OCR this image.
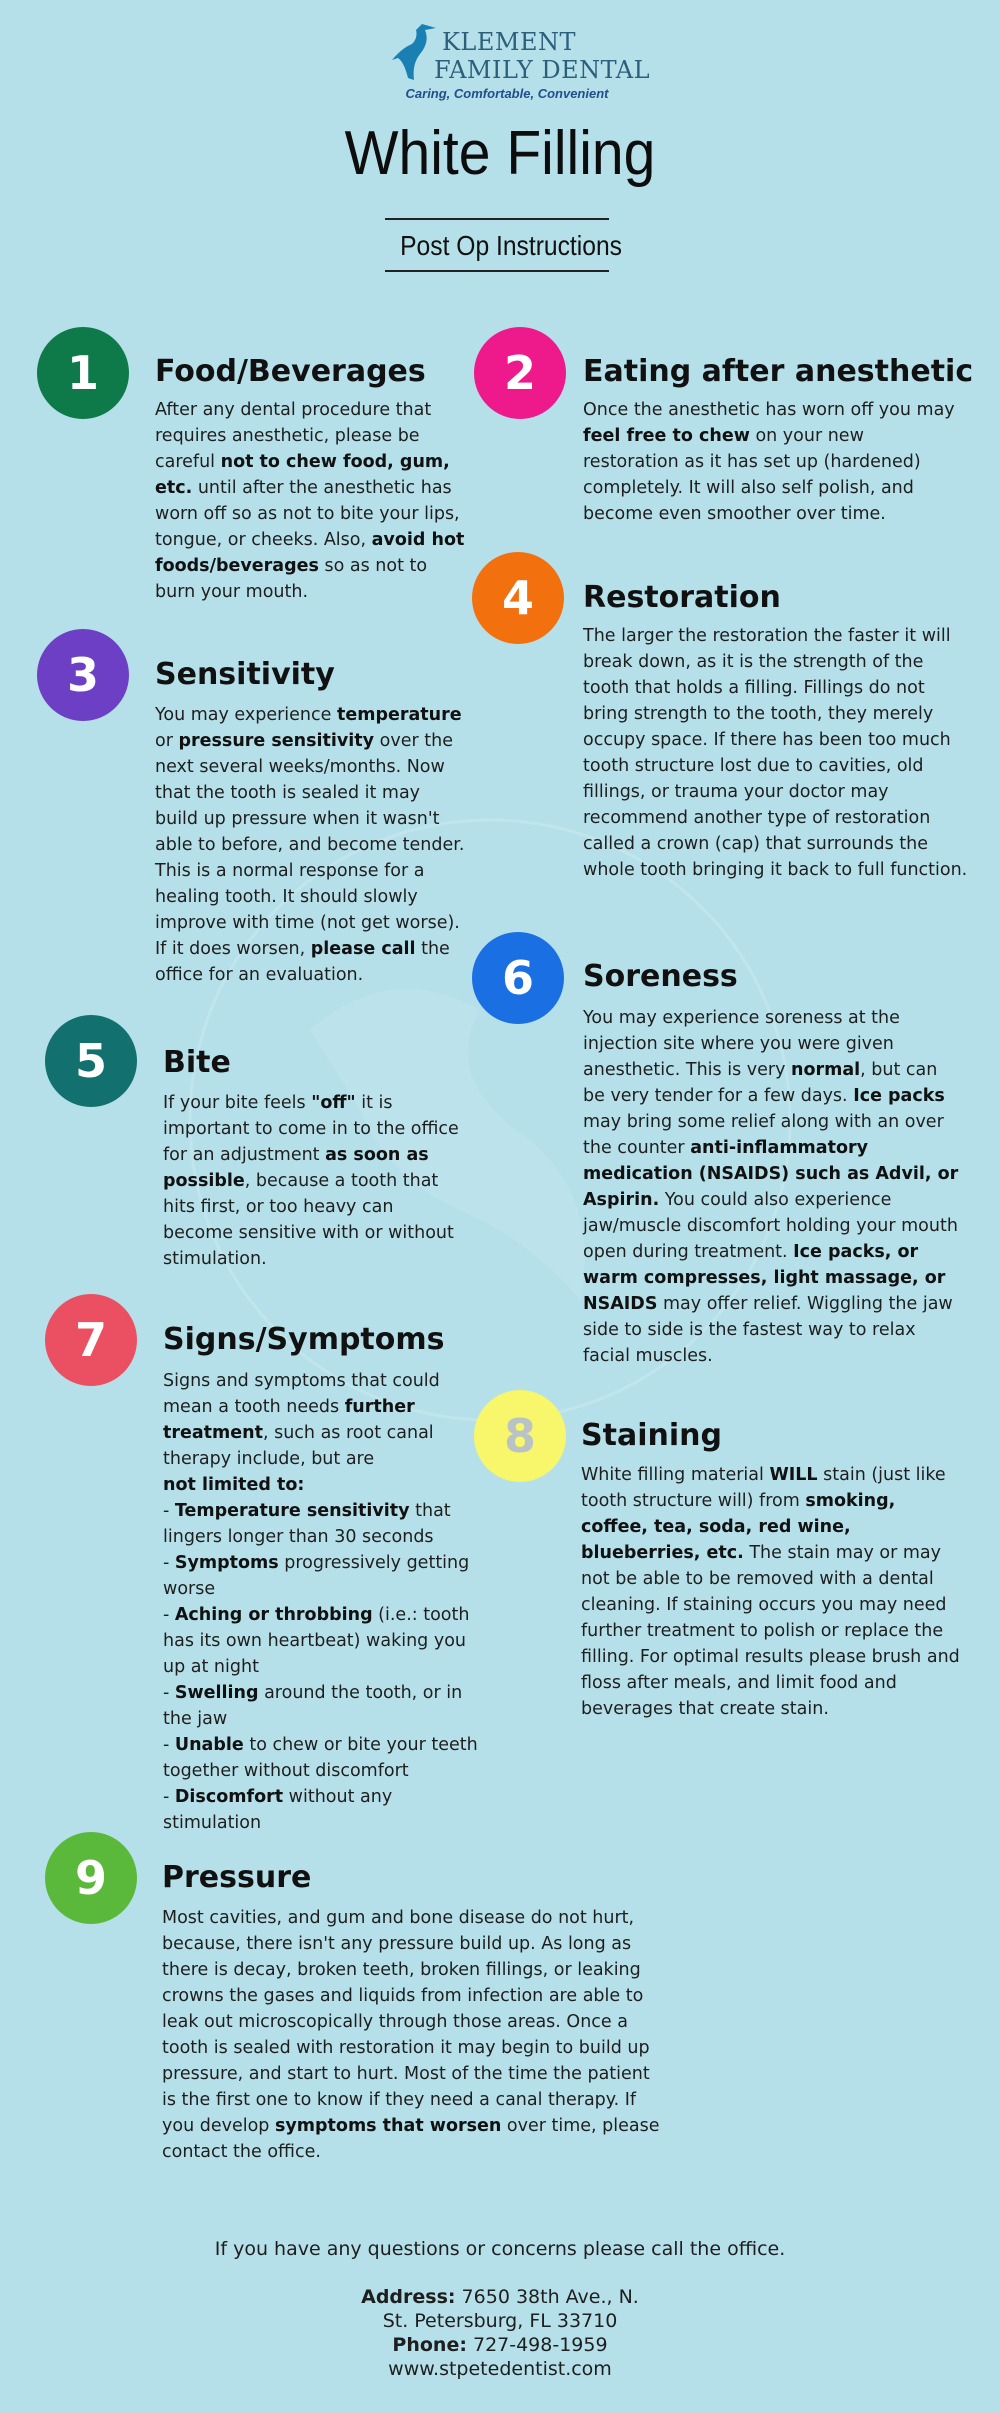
KLEMENT
FAMILY DENTAL
Caring, Comfortable, Convenient
White Filling
Post Op Instructions
1	Food/Beverages
After any dental procedure that requires anesthetic, please be careful not to chew food, gum, etc. until after the anesthetic has worn off so as not to bite your lips, tongue, or cheeks. Also, avoid hot foods/beverages so as not to burn your mouth.
2	Eating after anesthetic
Once the anesthetic has worn off you may feel free to chew on your new restoration as it has set up (hardened) completely. It will also self polish, and become even smoother over time.
4	Restoration
The larger the restoration the faster it will break down, as it is the strength of the tooth that holds a filling. Fillings do not bring strength to the tooth, they merely occupy space. If there has been too much tooth structure lost due to cavities, old fillings, or trauma your doctor may recommend another type of restoration called a crown (cap) that surrounds the whole tooth bringing it back to full function.
3	Sensitivity
You may experience temperature or pressure sensitivity over the next several weeks/months. Now that the tooth is sealed it may build up pressure when it wasn't able to before, and become tender. This is a normal response for a healing tooth. It should slowly improve with time (not get worse). If it does worsen, please call the office for an evaluation.	6	Soreness
You may experience soreness at the injection site where you were given anesthetic. This is very normal, but can be very tender for a few days. Ice packs may bring some relief along with an over the counter anti-inflammatory medication (NSAIDS) such as Advil, or Aspirin. You could also experience jaw/muscle discomfort holding your mouth open during treatment. Ice packs, or warm compresses, light massage, or NSAIDS may offer relief. Wiggling the jaw side to side is the fastest way to relax facial muscles.
5	Bite
If your bite feels "off" it is important to come in to the office for an adjustment as soon as possible, because a tooth that hits first, or too heavy can become sensitive with or without stimulation.
7	Signs/Symptoms
Signs and symptoms that could mean a tooth needs further treatment, such as root canal therapy include, but are
not limited to:
- Temperature sensitivity that lingers longer than 30 seconds
- Symptoms progressively getting worse
- Aching or throbbing (i.e.: tooth has its own heartbeat) waking you up at night
- Swelling around the tooth, or in the jaw
- Unable to chew or bite your teeth together without discomfort
- Discomfort without any stimulation
8	Staining
White filling material WILL stain (just like tooth structure will) from smoking, coffee, tea, soda, red wine, blueberries, etc. The stain may or may not be able to be removed with a dental cleaning. If staining occurs you may need further treatment to polish or replace the filling. For optimal results please brush and floss after meals, and limit food and beverages that create stain.
9	Pressure
Most cavities, and gum and bone disease do not hurt, because, there isn't any pressure build up. As long as there is decay, broken teeth, broken fillings, or leaking crowns the gases and liquids from infection are able to leak out microscopically through those areas. Once a tooth is sealed with restoration it may begin to build up pressure, and start to hurt. Most of the time the patient is the first one to know if they need a canal therapy. If you develop symptoms that worsen over time, please contact the office.
If you have any questions or concerns please call the office.
Address: 7650 38th Ave., N.
St. Petersburg, FL 33710
Phone: 727-498-1959
www.stpetedentist.com
